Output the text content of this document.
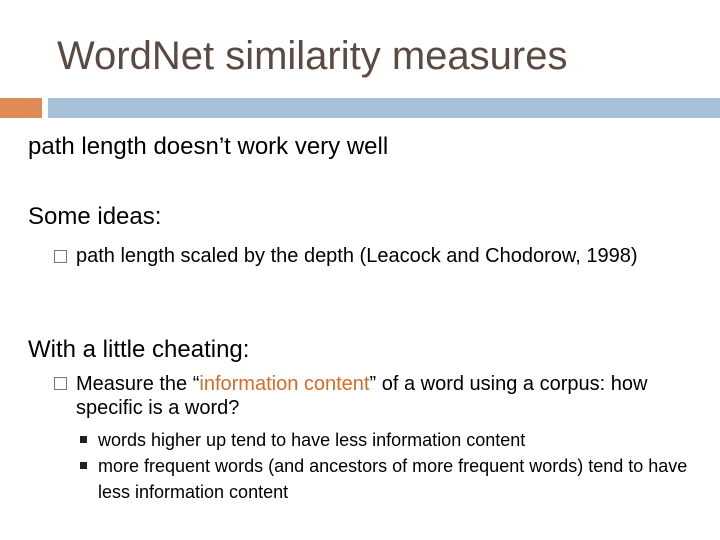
WordNet similarity measures
path length doesn’t work very well
Some ideas:
path length scaled by the depth (Leacock and Chodorow, 1998)
With a little cheating:
Measure the “information content” of a word using a corpus: how specific is a word?
words higher up tend to have less information content
more frequent words (and ancestors of more frequent words) tend to have less information content
